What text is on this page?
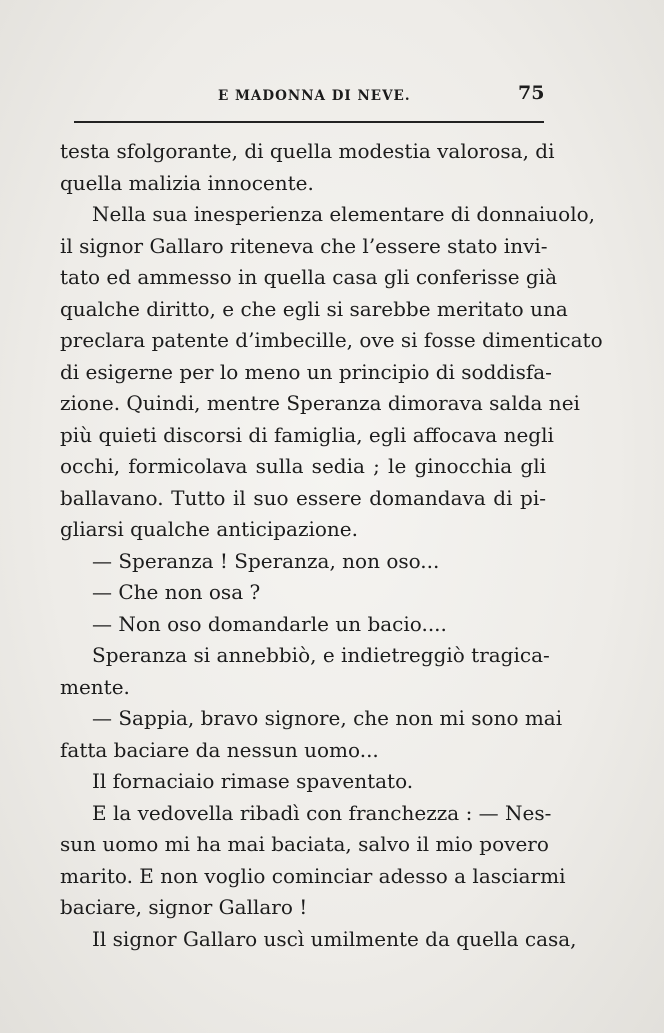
E MADONNA DI NEVE.	75
testa sfolgorante, di quella modestia valorosa, di
quella malizia innocente.
Nella sua inesperienza elementare di donnaiuolo,
il signor Gallaro riteneva che l’essere stato invi-
tato ed ammesso in quella casa gli conferisse già
qualche diritto, e che egli si sarebbe meritato una
preclara patente d’imbecille, ove si fosse dimenticato
di esigerne per lo meno un principio di soddisfa-
zione. Quindi, mentre Speranza dimorava salda nei
più quieti discorsi di famiglia, egli affocava negli
occhi, formicolava sulla sedia ; le ginocchia gli
ballavano. Tutto il suo essere domandava di pi-
gliarsi qualche anticipazione.
— Speranza ! Speranza, non oso...
— Che non osa ?
— Non oso domandarle un bacio....
Speranza si annebbiò, e indietreggiò tragica-
mente.
— Sappia, bravo signore, che non mi sono mai
fatta baciare da nessun uomo...
Il fornaciaio rimase spaventato.
E la vedovella ribadì con franchezza : — Nes-
sun uomo mi ha mai baciata, salvo il mio povero
marito. E non voglio cominciar adesso a lasciarmi
baciare, signor Gallaro !
Il signor Gallaro uscì umilmente da quella casa,
